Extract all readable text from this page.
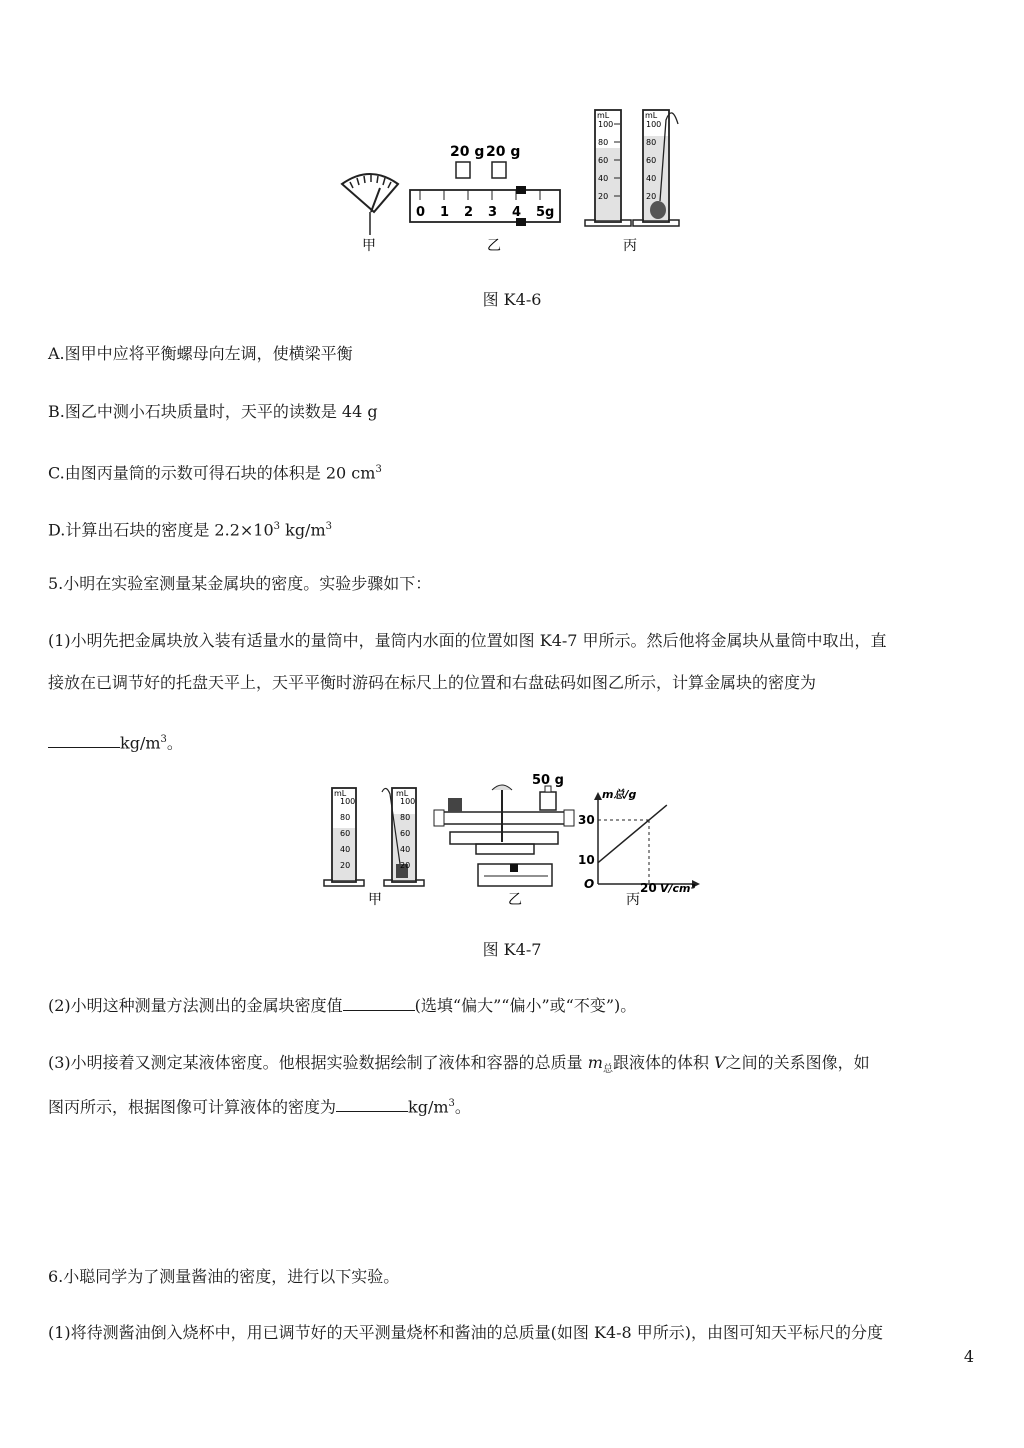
甲
20 g 20 g
0 1 2 3 4 5g
乙
mL
100
80
60
40
20
mL
100
80
60
40
20
丙
图 K4-6
A.图甲中应将平衡螺母向左调，使横梁平衡
B.图乙中测小石块质量时，天平的读数是 44 g
C.由图丙量筒的示数可得石块的体积是 20 $cm^3$
D.计算出石块的密度是 $2.2\times 10^3$ $kg/m^3$
5.小明在实验室测量某金属块的密度。实验步骤如下：
(1)小明先把金属块放入装有适量水的量筒中，量筒内水面的位置如图 K4-7 甲所示。然后他将金属块从量筒中取出，直
接放在已调节好的托盘天平上，天平平衡时游码在标尺上的位置和右盘砝码如图乙所示，计算金属块的密度为
$kg/m^3$。
mL
100
80
60
40
20
mL
100
80
60
40
20
甲
50 g
乙
m总/g
30
10
O	20 V/cm³
丙
图 K4-7
(2)小明这种测量方法测出的金属块密度值	(选填“偏大”“偏小”或“不变”)。
(3)小明接着又测定某液体密度。他根据实验数据绘制了液体和容器的总质量 $m_总$跟液体的体积 V之间的关系图像，如
图丙所示，根据图像可计算液体的密度为	$kg/m^3$。
6.小聪同学为了测量酱油的密度，进行以下实验。
(1)将待测酱油倒入烧杯中，用已调节好的天平测量烧杯和酱油的总质量(如图 K4-8 甲所示)，由图可知天平标尺的分度
4
